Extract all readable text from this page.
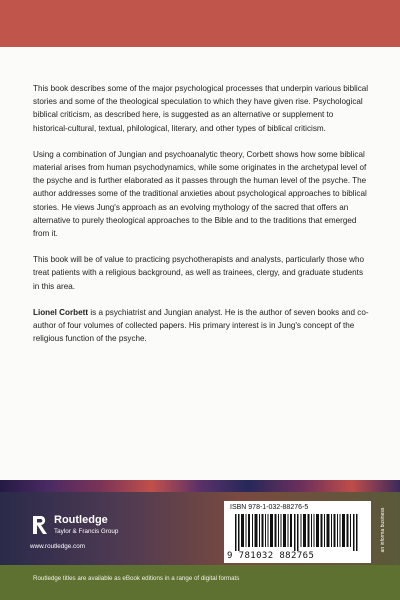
This book describes some of the major psychological processes that underpin various biblical stories and some of the theological speculation to which they have given rise. Psychological biblical criticism, as described here, is suggested as an alternative or supplement to historical-cultural, textual, philological, literary, and other types of biblical criticism.

Using a combination of Jungian and psychoanalytic theory, Corbett shows how some biblical material arises from human psychodynamics, while some originates in the archetypal level of the psyche and is further elaborated as it passes through the human level of the psyche. The author addresses some of the traditional anxieties about psychological approaches to biblical stories. He views Jung's approach as an evolving mythology of the sacred that offers an alternative to purely theological approaches to the Bible and to the traditions that emerged from it.

This book will be of value to practicing psychotherapists and analysts, particularly those who treat patients with a religious background, as well as trainees, clergy, and graduate students in this area.

Lionel Corbett is a psychiatrist and Jungian analyst. He is the author of seven books and co-author of four volumes of collected papers. His primary interest is in Jung's concept of the religious function of the psyche.

Routledge
Taylor & Francis Group
www.routledge.com
ISBN 978-1-032-88276-5
9 781032 882765
an informa business
Routledge titles are available as eBook editions in a range of digital formats
